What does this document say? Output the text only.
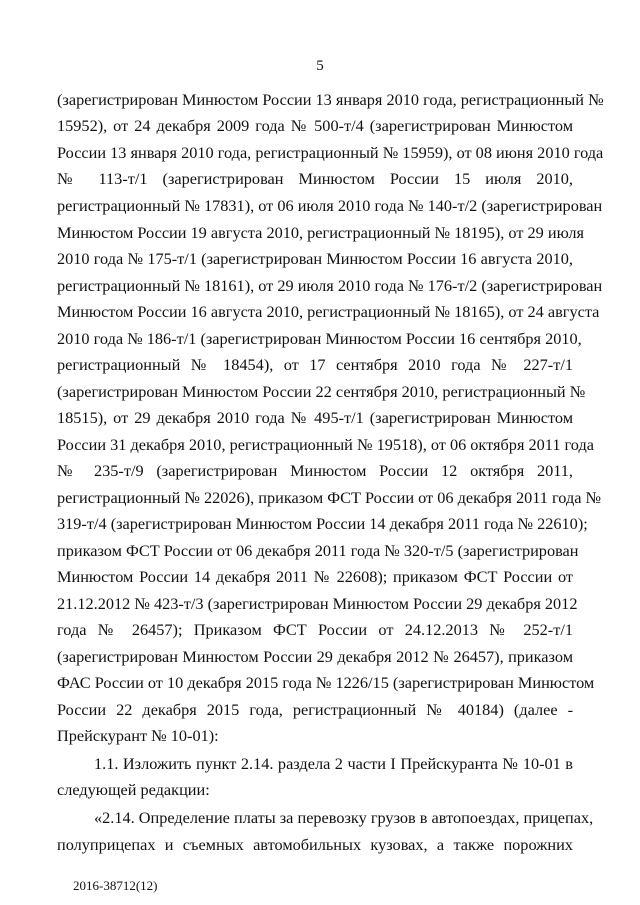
5
(зарегистрирован Минюстом России 13 января 2010 года, регистрационный №
15952), от 24 декабря 2009 года № 500-т/4 (зарегистрирован Минюстом
России 13 января 2010 года, регистрационный № 15959), от 08 июня 2010 года
№ 113-т/1 (зарегистрирован Минюстом России 15 июля 2010,
регистрационный № 17831), от 06 июля 2010 года № 140-т/2 (зарегистрирован
Минюстом России 19 августа 2010, регистрационный № 18195), от 29 июля
2010 года № 175-т/1 (зарегистрирован Минюстом России 16 августа 2010,
регистрационный № 18161), от 29 июля 2010 года № 176-т/2 (зарегистрирован
Минюстом России 16 августа 2010, регистрационный № 18165), от 24 августа
2010 года № 186-т/1 (зарегистрирован Минюстом России 16 сентября 2010,
регистрационный № 18454), от 17 сентября 2010 года № 227-т/1
(зарегистрирован Минюстом России 22 сентября 2010, регистрационный №
18515), от 29 декабря 2010 года № 495-т/1 (зарегистрирован Минюстом
России 31 декабря 2010, регистрационный № 19518), от 06 октября 2011 года
№ 235-т/9 (зарегистрирован Минюстом России 12 октября 2011,
регистрационный № 22026), приказом ФСТ России от 06 декабря 2011 года №
319-т/4 (зарегистрирован Минюстом России 14 декабря 2011 года № 22610);
приказом ФСТ России от 06 декабря 2011 года № 320-т/5 (зарегистрирован
Минюстом России 14 декабря 2011 № 22608); приказом ФСТ России от
21.12.2012 № 423-т/3 (зарегистрирован Минюстом России 29 декабря 2012
года № 26457); Приказом ФСТ России от 24.12.2013 № 252-т/1
(зарегистрирован Минюстом России 29 декабря 2012 № 26457), приказом
ФАС России от 10 декабря 2015 года № 1226/15 (зарегистрирован Минюстом
России 22 декабря 2015 года, регистрационный № 40184) (далее -
Прейскурант № 10-01):
1.1. Изложить пункт 2.14. раздела 2 части I Прейскуранта № 10-01 в
следующей редакции:
«2.14. Определение платы за перевозку грузов в автопоездах, прицепах,
полуприцепах и съемных автомобильных кузовах, а также порожних
2016-38712(12)
